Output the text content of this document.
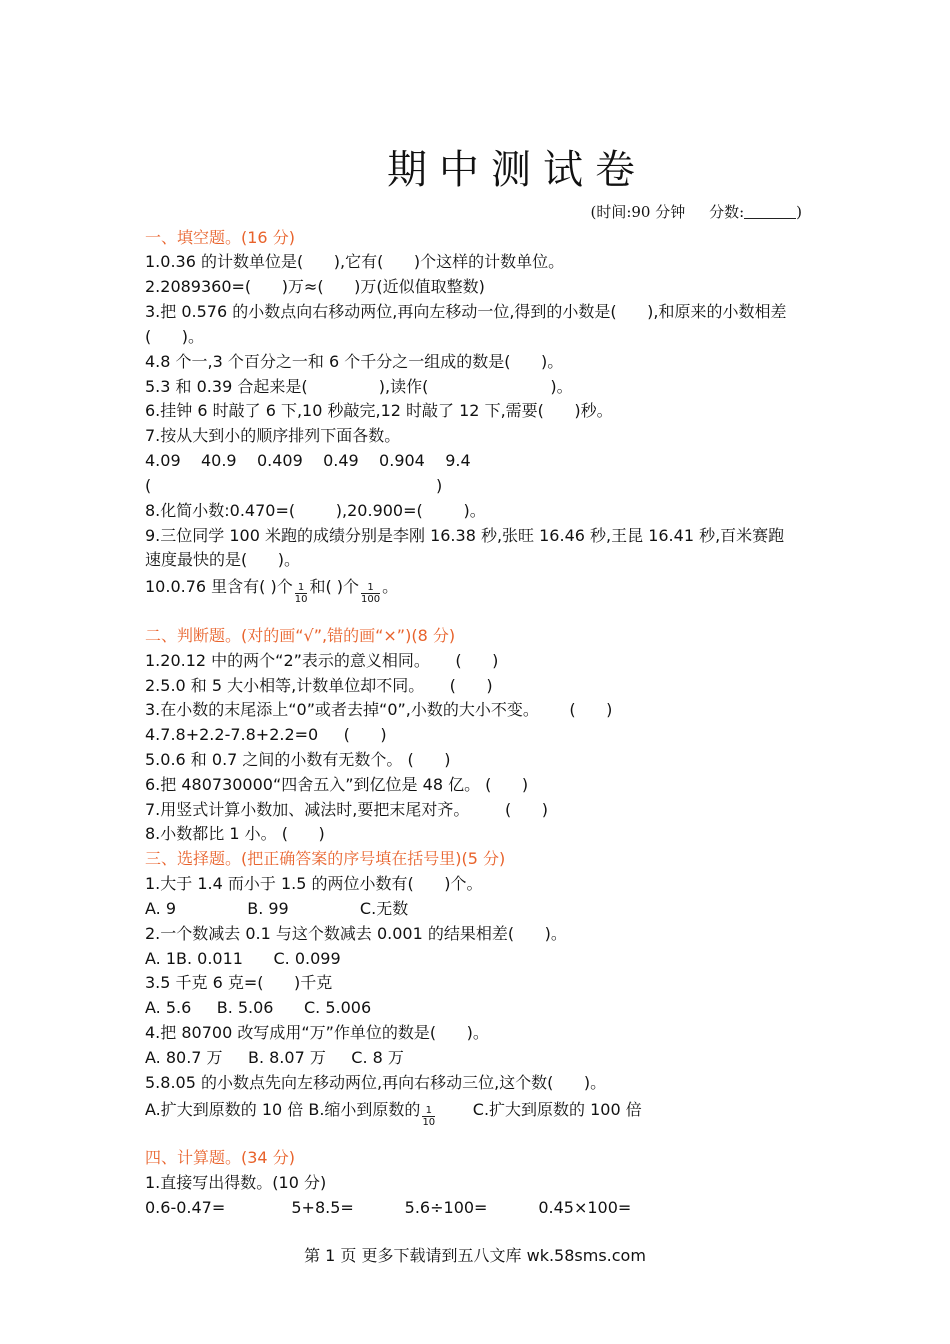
期中测试卷
(时间:90 分钟 分数:	)
一、填空题。(16 分)
1.0.36 的计数单位是(      ),它有(      )个这样的计数单位。
2.2089360=(      )万≈(      )万(近似值取整数)
3.把 0.576 的小数点向右移动两位,再向左移动一位,得到的小数是(      ),和原来的小数相差
(      )。
4.8 个一,3 个百分之一和 6 个千分之一组成的数是(      )。
5.3 和 0.39 合起来是(              ),读作(                        )。
6.挂钟 6 时敲了 6 下,10 秒敲完,12 时敲了 12 下,需要(      )秒。
7.按从大到小的顺序排列下面各数。
4.09    40.9    0.409    0.49    0.904    9.4
(                                                        )
8.化简小数:0.470=(        ),20.900=(        )。
9.三位同学 100 米跑的成绩分别是李刚 16.38 秒,张旺 16.46 秒,王昆 16.41 秒,百米赛跑
速度最快的是(      )。
二、判断题。(对的画“√”,错的画“×”)(8 分)
1.20.12 中的两个“2”表示的意义相同。     (      )
2.5.0 和 5 大小相等,计数单位却不同。     (      )
3.在小数的末尾添上“0”或者去掉“0”,小数的大小不变。      (      )
4.7.8+2.2-7.8+2.2=0     (      )
5.0.6 和 0.7 之间的小数有无数个。 (      )
6.把 480730000“四舍五入”到亿位是 48 亿。 (      )
7.用竖式计算小数加、减法时,要把末尾对齐。       (      )
8.小数都比 1 小。 (      )
三、选择题。(把正确答案的序号填在括号里)(5 分)
1.大于 1.4 而小于 1.5 的两位小数有(      )个。
A. 9              B. 99              C.无数
2.一个数减去 0.1 与这个数减去 0.001 的结果相差(      )。
A. 1B. 0.011      C. 0.099
3.5 千克 6 克=(      )千克
A. 5.6     B. 5.06      C. 5.006
4.把 80700 改写成用“万”作单位的数是(      )。
A. 80.7 万     B. 8.07 万     C. 8 万
5.8.05 的小数点先向左移动两位,再向右移动三位,这个数(      )。
四、计算题。(34 分)
1.直接写出得数。(10 分)
0.6-0.47=             5+8.5=          5.6÷100=          0.45×100=
10.0.76 里含有( )个 $\frac{1}{10}$ 和( )个 $\frac{1}{100}$ 。
A.扩大到原数的 10 倍 B.缩小到原数的 $\frac{1}{10} C$.扩大到原数的 100 倍
第 1 页 更多下载请到五八文库 wk.58sms.com
